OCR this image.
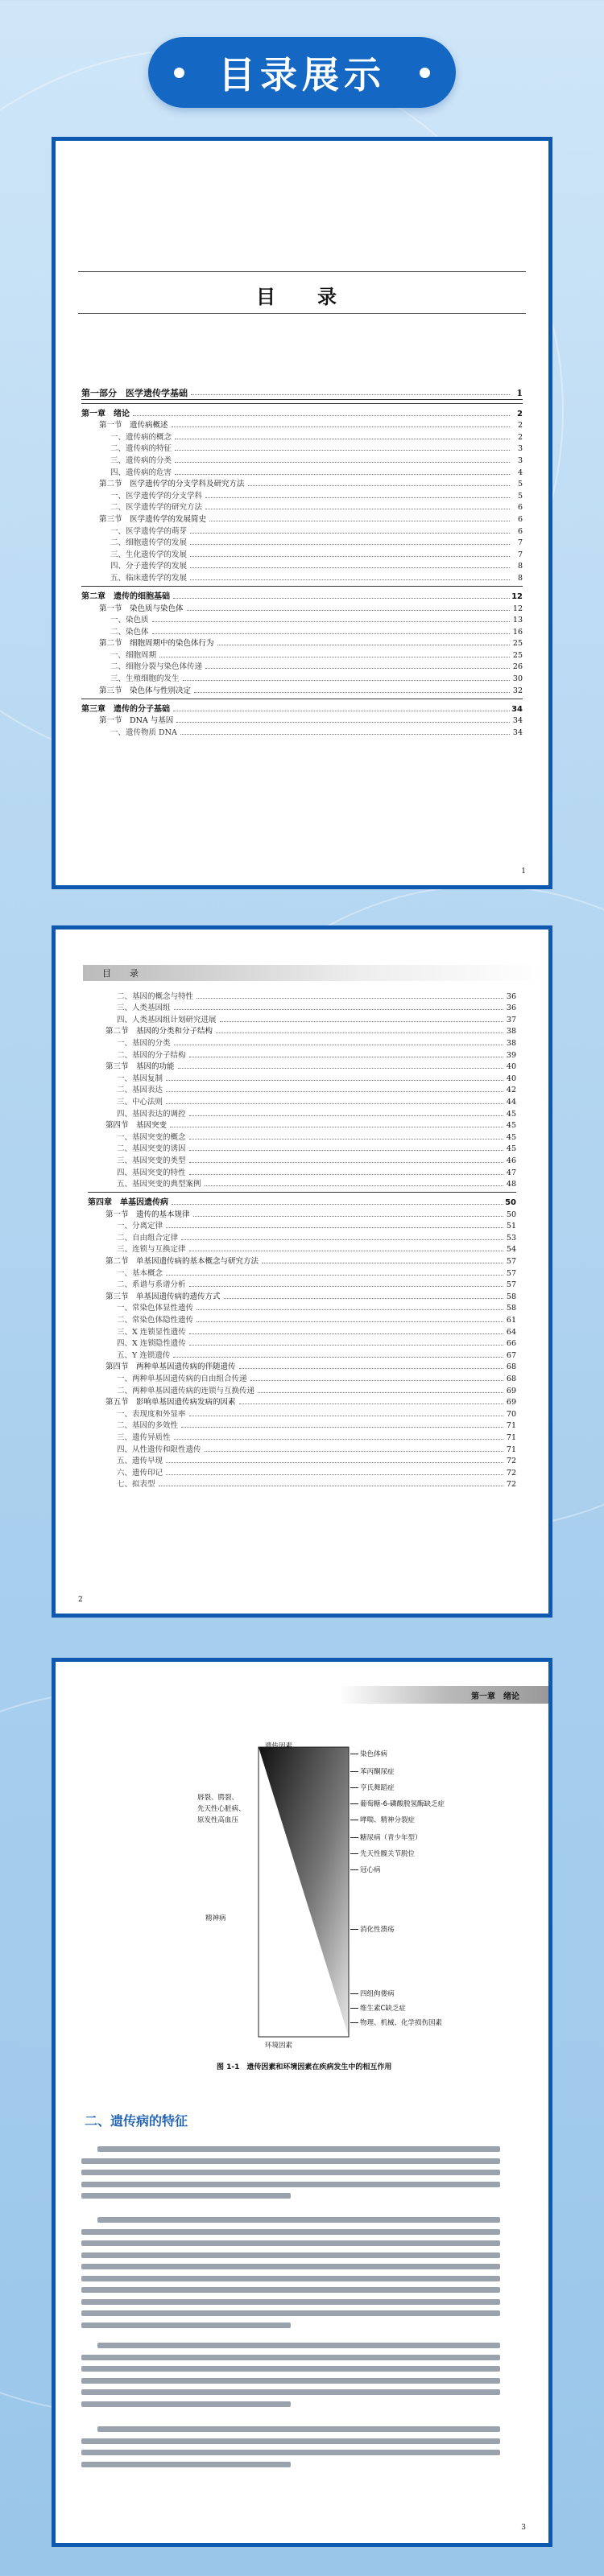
目录展示
目　录
第一部分　医学遗传学基础	1
第一章　绪论	2
第一节　遗传病概述	2
一、遗传病的概念	2
二、遗传病的特征	3
三、遗传病的分类	3
四、遗传病的危害	4
第二节　医学遗传学的分支学科及研究方法	5
一、医学遗传学的分支学科	5
二、医学遗传学的研究方法	6
第三节　医学遗传学的发展简史	6
一、医学遗传学的萌芽	6
二、细胞遗传学的发展	7
三、生化遗传学的发展	7
四、分子遗传学的发展	8
五、临床遗传学的发展	8
第二章　遗传的细胞基础	12
第一节　染色质与染色体	12
一、染色质	13
二、染色体	16
第二节　细胞周期中的染色体行为	25
一、细胞周期	25
二、细胞分裂与染色体传递	26
三、生殖细胞的发生	30
第三节　染色体与性别决定	32
第三章　遗传的分子基础	34
第一节　DNA 与基因	34
一、遗传物质 DNA	34
1
目　录
二、基因的概念与特性	36
三、人类基因组	36
四、人类基因组计划研究进展	37
第二节　基因的分类和分子结构	38
一、基因的分类	38
二、基因的分子结构	39
第三节　基因的功能	40
一、基因复制	40
二、基因表达	42
三、中心法则	44
四、基因表达的调控	45
第四节　基因突变	45
一、基因突变的概念	45
二、基因突变的诱因	45
三、基因突变的类型	46
四、基因突变的特性	47
五、基因突变的典型案例	48
第四章　单基因遗传病	50
第一节　遗传的基本规律	50
一、分离定律	51
二、自由组合定律	53
三、连锁与互换定律	54
第二节　单基因遗传病的基本概念与研究方法	57
一、基本概念	57
二、系谱与系谱分析	57
第三节　单基因遗传病的遗传方式	58
一、常染色体显性遗传	58
二、常染色体隐性遗传	61
三、X 连锁显性遗传	64
四、X 连锁隐性遗传	66
五、Y 连锁遗传	67
第四节　两种单基因遗传病的伴随遗传	68
一、两种单基因遗传病的自由组合传递	68
二、两种单基因遗传病的连锁与互换传递	69
第五节　影响单基因遗传病发病的因素	69
一、表现度和外显率	70
二、基因的多效性	71
三、遗传异质性	71
四、从性遗传和限性遗传	71
五、遗传早现	72
六、遗传印记	72
七、拟表型	72
2
第一章　绪论
遗传因素
环境因素
唇裂、腭裂、
先天性心脏病、
原发性高血压
精神病
染色体病
苯丙酮尿症
亨氏舞蹈症
葡萄糖-6-磷酸脱氢酶缺乏症
哮喘、精神分裂症
糖尿病（青少年型）
先天性髋关节脱位
冠心病
消化性溃疡
四组佝偻病
维生素C缺乏症
物理、机械、化学损伤因素
图 1-1　遗传因素和环境因素在疾病发生中的相互作用
二、遗传病的特征
3
